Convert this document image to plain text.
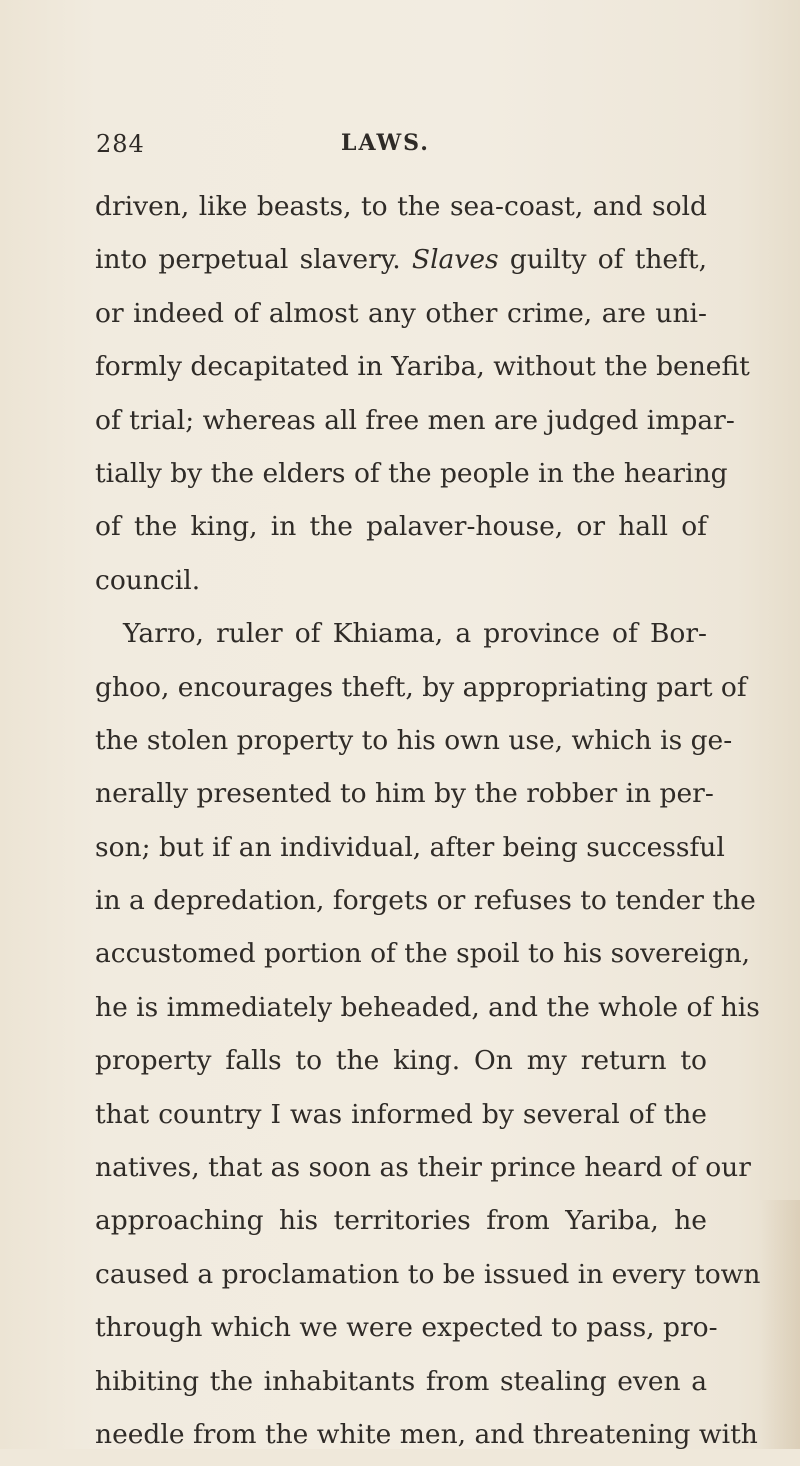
284	LAWS.
driven, like beasts, to the sea-coast, and sold
into perpetual slavery. Slaves guilty of theft,
or indeed of almost any other crime, are uni-
formly decapitated in Yariba, without the benefit
of trial; whereas all free men are judged impar-
tially by the elders of the people in the hearing
of the king, in the palaver-house, or hall of
council.
Yarro, ruler of Khiama, a province of Bor-
ghoo, encourages theft, by appropriating part of
the stolen property to his own use, which is ge-
nerally presented to him by the robber in per-
son; but if an individual, after being successful
in a depredation, forgets or refuses to tender the
accustomed portion of the spoil to his sovereign,
he is immediately beheaded, and the whole of his
property falls to the king. On my return to
that country I was informed by several of the
natives, that as soon as their prince heard of our
approaching his territories from Yariba, he
caused a proclamation to be issued in every town
through which we were expected to pass, pro-
hibiting the inhabitants from stealing even a
needle from the white men, and threatening with
